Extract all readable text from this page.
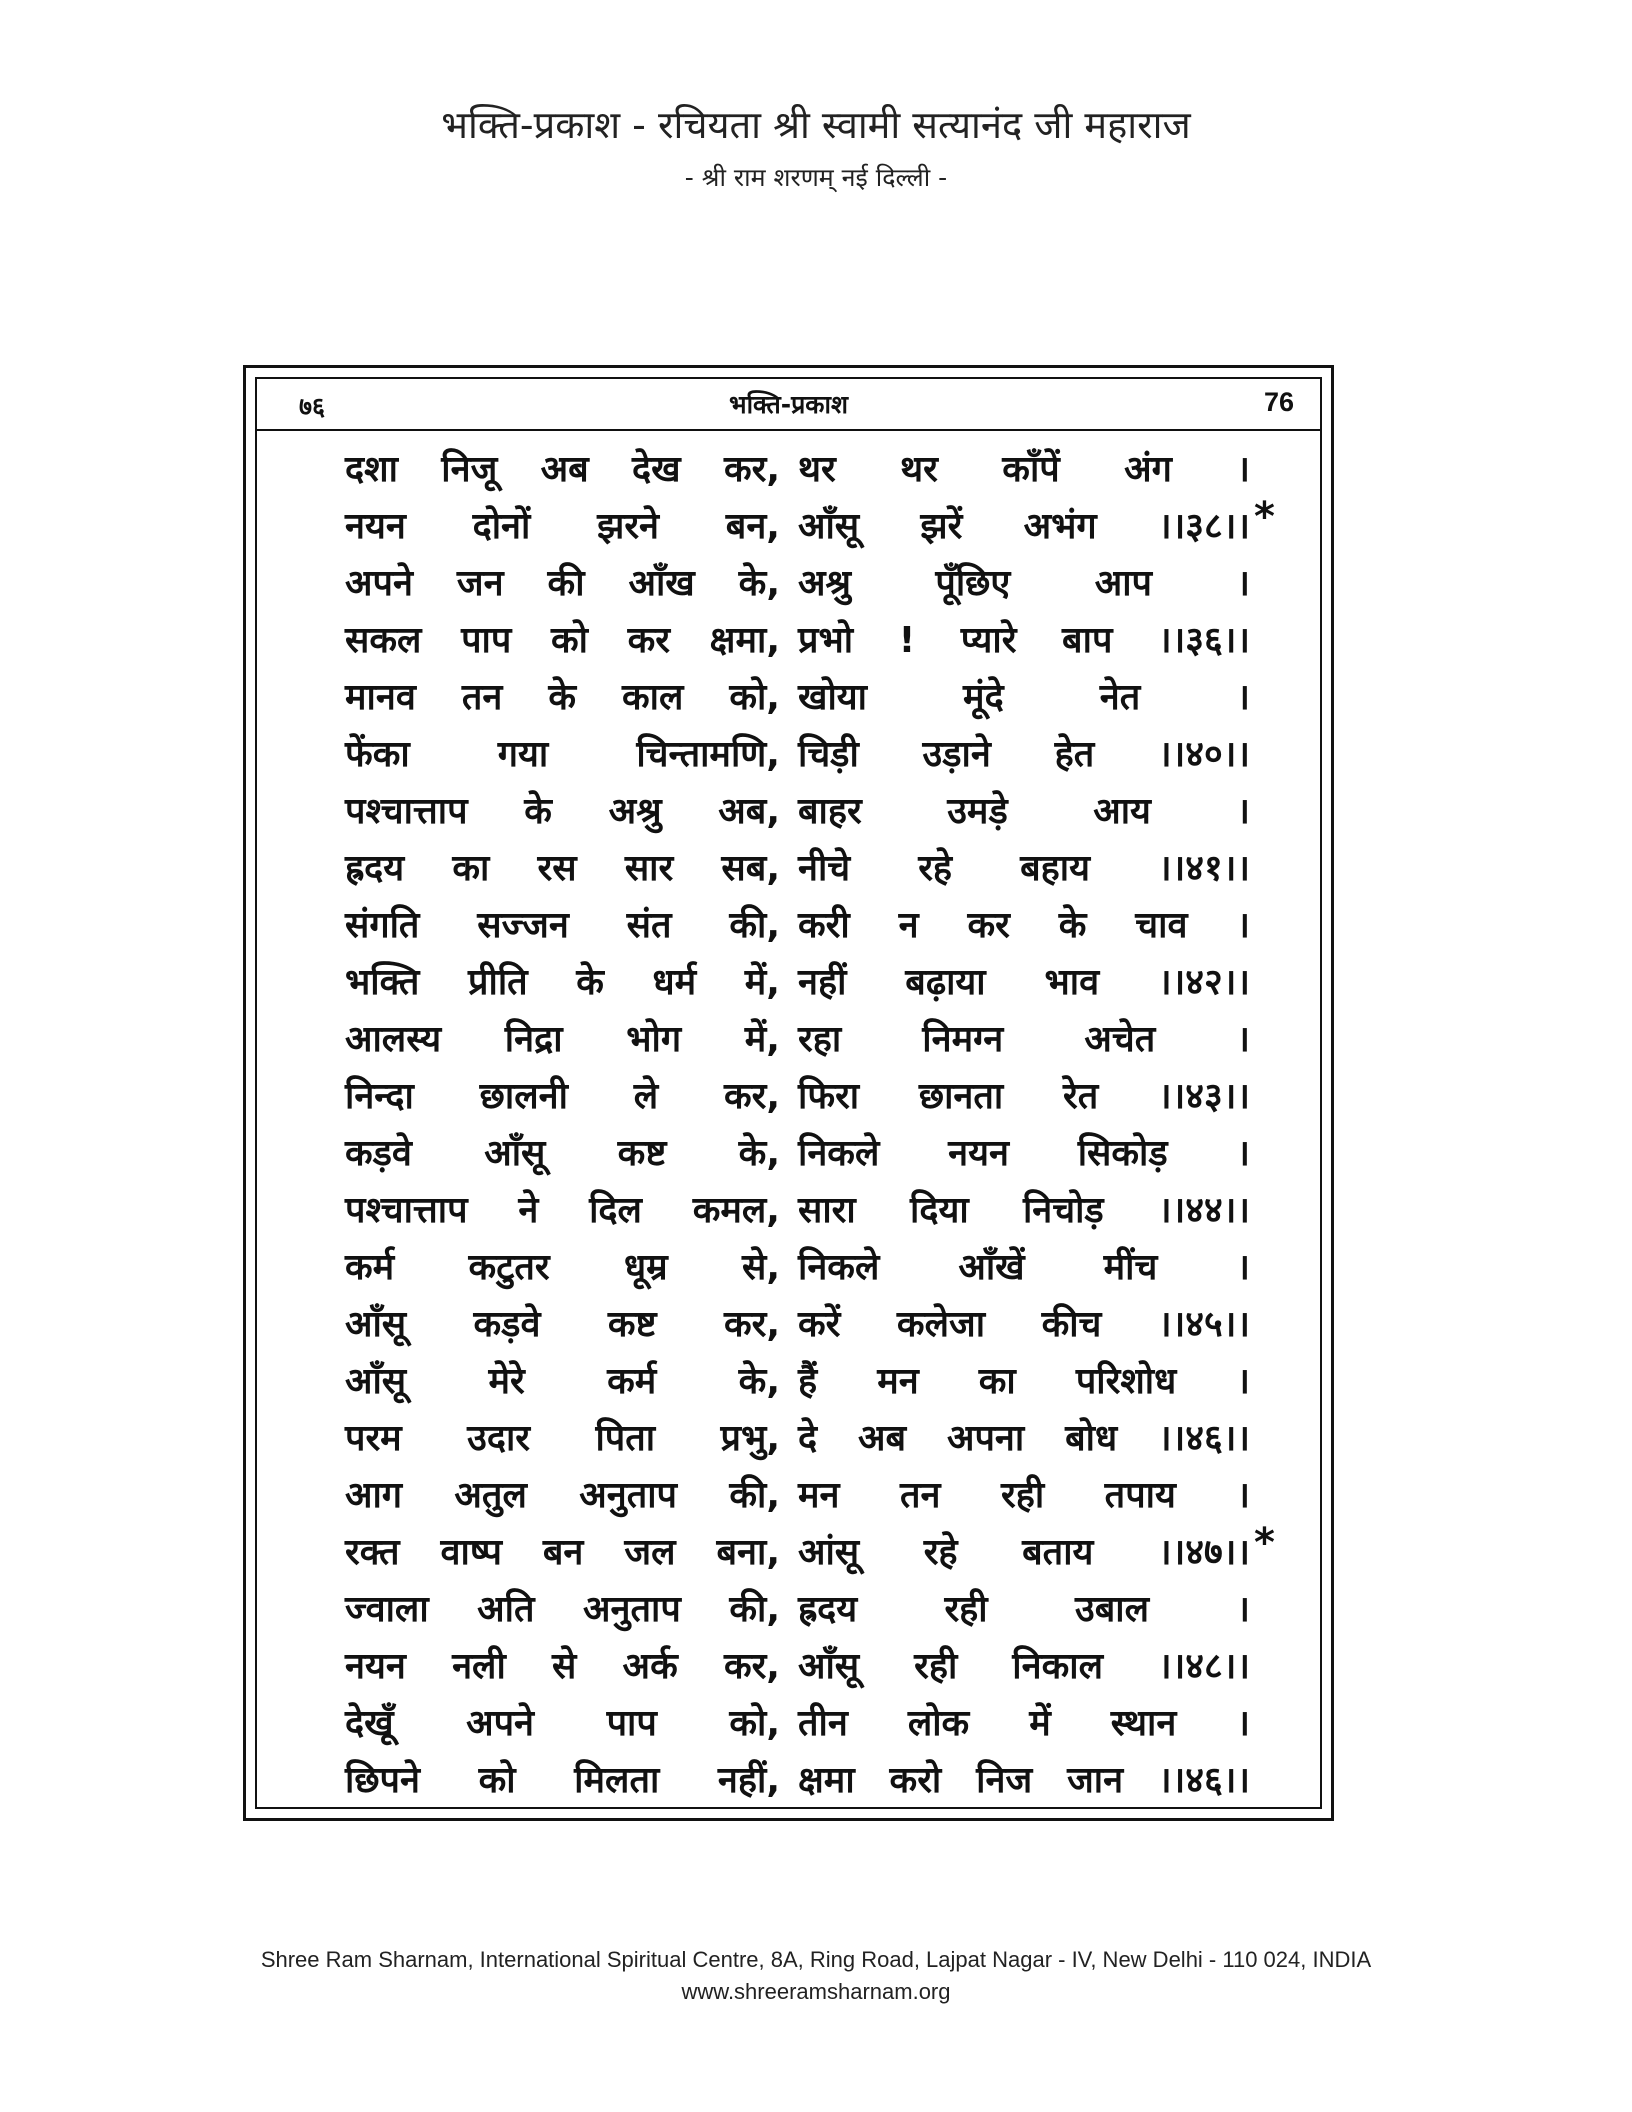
भक्ति-प्रकाश - रचियता श्री स्वामी सत्यानंद जी महाराज
- श्री राम शरणम् नई दिल्ली -
७६	भक्ति-प्रकाश	76
दशा निजू अब देख कर, थर थर काँपें अंग ।
नयन दोनों झरने बन, आँसू झरें अभंग ।।३८।। *
अपने जन की आँख के, अश्रु पूँछिए आप ।
सकल पाप को कर क्षमा, प्रभो ! प्यारे बाप ।।३६।।
मानव तन के काल को, खोया मूंदे नेत ।
फेंका गया चिन्तामणि, चिड़ी उड़ाने हेत ।।४०।।
पश्चात्ताप के अश्रु अब, बाहर उमड़े आय ।
ह्रदय का रस सार सब, नीचे रहे बहाय ।।४१।।
संगति सज्जन संत की, करी न कर के चाव ।
भक्ति प्रीति के धर्म में, नहीं बढ़ाया भाव ।।४२।।
आलस्य निद्रा भोग में, रहा निमग्न अचेत ।
निन्दा छालनी ले कर, फिरा छानता रेत ।।४३।।
कड़वे आँसू कष्ट के, निकले नयन सिकोड़ ।
पश्चात्ताप ने दिल कमल, सारा दिया निचोड़ ।।४४।।
कर्म कटुतर धूम्र से, निकले आँखें मींच ।
आँसू कड़वे कष्ट कर, करें कलेजा कीच ।।४५।।
आँसू मेरे कर्म के, हैं मन का परिशोध ।
परम उदार पिता प्रभु, दे अब अपना बोध ।।४६।।
आग अतुल अनुताप की, मन तन रही तपाय ।
रक्त वाष्प बन जल बना, आंसू रहे बताय ।।४७।। *
ज्वाला अति अनुताप की, ह्रदय रही उबाल ।
नयन नली से अर्क कर, आँसू रही निकाल ।।४८।।
देखूँ अपने पाप को, तीन लोक में स्थान ।
छिपने को मिलता नहीं, क्षमा करो निज जान ।।४६।।
Shree Ram Sharnam, International Spiritual Centre, 8A, Ring Road, Lajpat Nagar - IV, New Delhi - 110 024, INDIA
www.shreeramsharnam.org
